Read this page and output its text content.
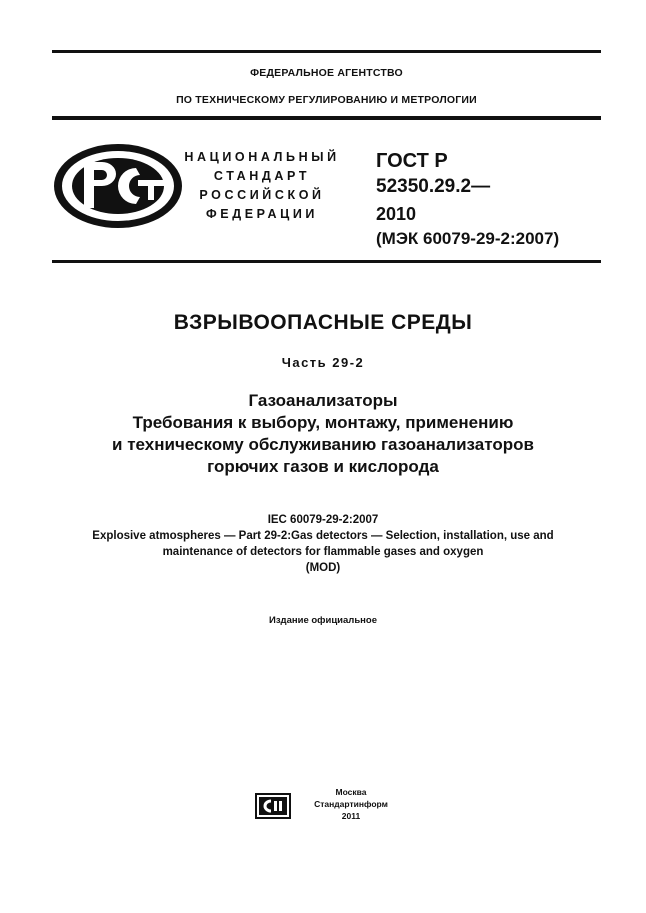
ФЕДЕРАЛЬНОЕ АГЕНТСТВО
ПО ТЕХНИЧЕСКОМУ РЕГУЛИРОВАНИЮ И МЕТРОЛОГИИ
НАЦИОНАЛЬНЫЙ
СТАНДАРТ
РОССИЙСКОЙ
ФЕДЕРАЦИИ
ГОСТ Р
52350.29.2—
2010
(МЭК 60079-29-2:2007)
ВЗРЫВООПАСНЫЕ СРЕДЫ
Часть 29-2
Газоанализаторы
Требования к выбору, монтажу, применению
и техническому обслуживанию газоанализаторов
горючих газов и кислорода
IEC 60079-29-2:2007
Explosive atmospheres — Part 29-2:Gas detectors — Selection, installation, use and
maintenance of detectors for flammable gases and oxygen
(MOD)
Издание официальное
Москва
Стандартинформ
2011
